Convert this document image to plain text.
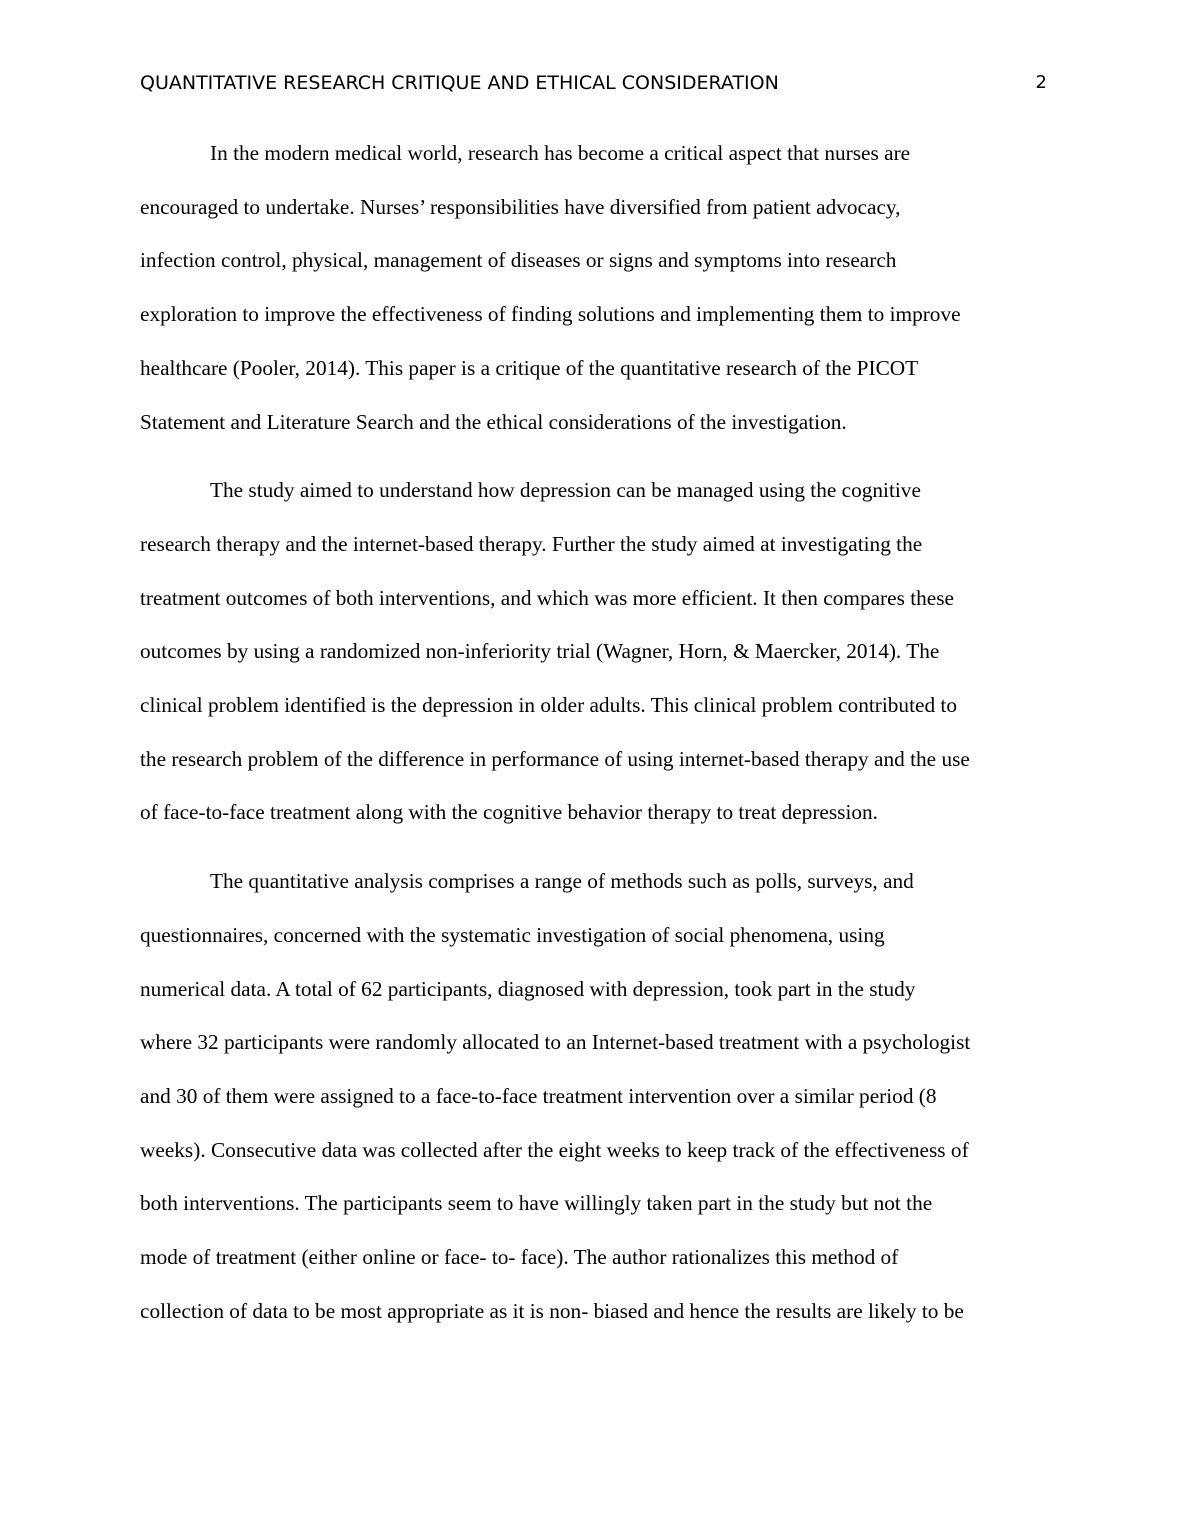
QUANTITATIVE RESEARCH CRITIQUE AND ETHICAL CONSIDERATION	2

In the modern medical world, research has become a critical aspect that nurses are
encouraged to undertake. Nurses’ responsibilities have diversified from patient advocacy,
infection control, physical, management of diseases or signs and symptoms into research
exploration to improve the effectiveness of finding solutions and implementing them to improve
healthcare (Pooler, 2014). This paper is a critique of the quantitative research of the PICOT
Statement and Literature Search and the ethical considerations of the investigation.

The study aimed to understand how depression can be managed using the cognitive
research therapy and the internet-based therapy. Further the study aimed at investigating the
treatment outcomes of both interventions, and which was more efficient. It then compares these
outcomes by using a randomized non-inferiority trial (Wagner, Horn, & Maercker, 2014). The
clinical problem identified is the depression in older adults. This clinical problem contributed to
the research problem of the difference in performance of using internet-based therapy and the use
of face-to-face treatment along with the cognitive behavior therapy to treat depression.

The quantitative analysis comprises a range of methods such as polls, surveys, and
questionnaires, concerned with the systematic investigation of social phenomena, using
numerical data. A total of 62 participants, diagnosed with depression, took part in the study
where 32 participants were randomly allocated to an Internet-based treatment with a psychologist
and 30 of them were assigned to a face-to-face treatment intervention over a similar period (8
weeks). Consecutive data was collected after the eight weeks to keep track of the effectiveness of
both interventions. The participants seem to have willingly taken part in the study but not the
mode of treatment (either online or face- to- face). The author rationalizes this method of
collection of data to be most appropriate as it is non- biased and hence the results are likely to be
